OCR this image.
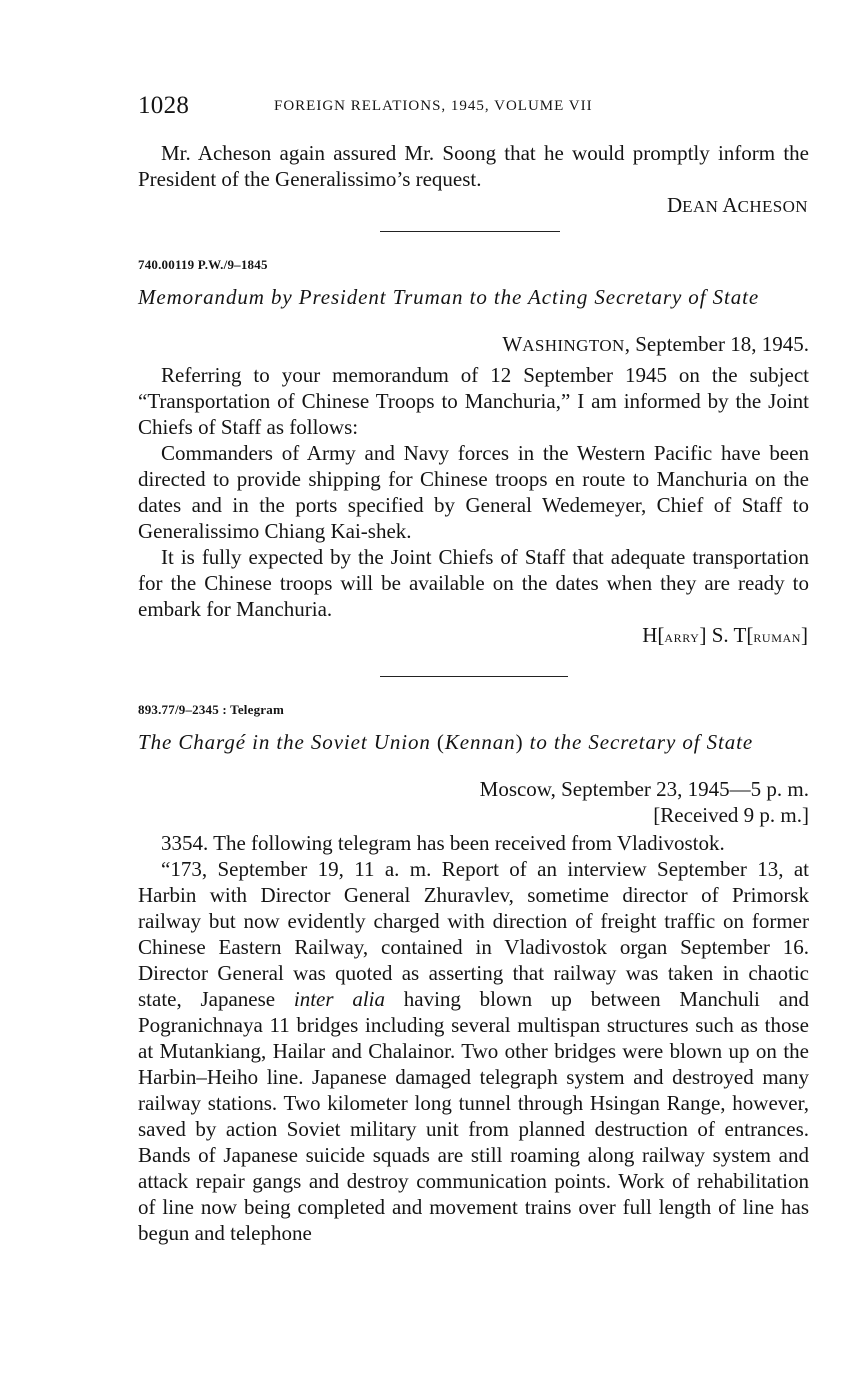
1028	FOREIGN RELATIONS, 1945, VOLUME VII

Mr. Acheson again assured Mr. Soong that he would promptly inform the President of the Generalissimo’s request.

DEAN ACHESON
740.00119 P.W./9–1845
Memorandum by President Truman to the Acting Secretary of State
WASHINGTON, September 18, 1945.

Referring to your memorandum of 12 September 1945 on the subject “Transportation of Chinese Troops to Manchuria,” I am informed by the Joint Chiefs of Staff as follows:

Commanders of Army and Navy forces in the Western Pacific have been directed to provide shipping for Chinese troops en route to Manchuria on the dates and in the ports specified by General Wedemeyer, Chief of Staff to Generalissimo Chiang Kai-shek.

It is fully expected by the Joint Chiefs of Staff that adequate transportation for the Chinese troops will be available on the dates when they are ready to embark for Manchuria.

H[ARRY] S. T[RUMAN]
893.77/9–2345 : Telegram
The Chargé in the Soviet Union (Kennan) to the Secretary of State
Moscow, September 23, 1945—5 p. m.
[Received 9 p. m.]

3354. The following telegram has been received from Vladivostok.

“173, September 19, 11 a. m. Report of an interview September 13, at Harbin with Director General Zhuravlev, sometime director of Primorsk railway but now evidently charged with direction of freight traffic on former Chinese Eastern Railway, contained in Vladivostok organ September 16. Director General was quoted as asserting that railway was taken in chaotic state, Japanese inter alia having blown up between Manchuli and Pogranichnaya 11 bridges including several multispan structures such as those at Mutankiang, Hailar and Chalainor. Two other bridges were blown up on the Harbin–Heiho line. Japanese damaged telegraph system and destroyed many railway stations. Two kilometer long tunnel through Hsingan Range, however, saved by action Soviet military unit from planned destruction of entrances. Bands of Japanese suicide squads are still roaming along railway system and attack repair gangs and destroy communication points. Work of rehabilitation of line now being completed and movement trains over full length of line has begun and telephone
